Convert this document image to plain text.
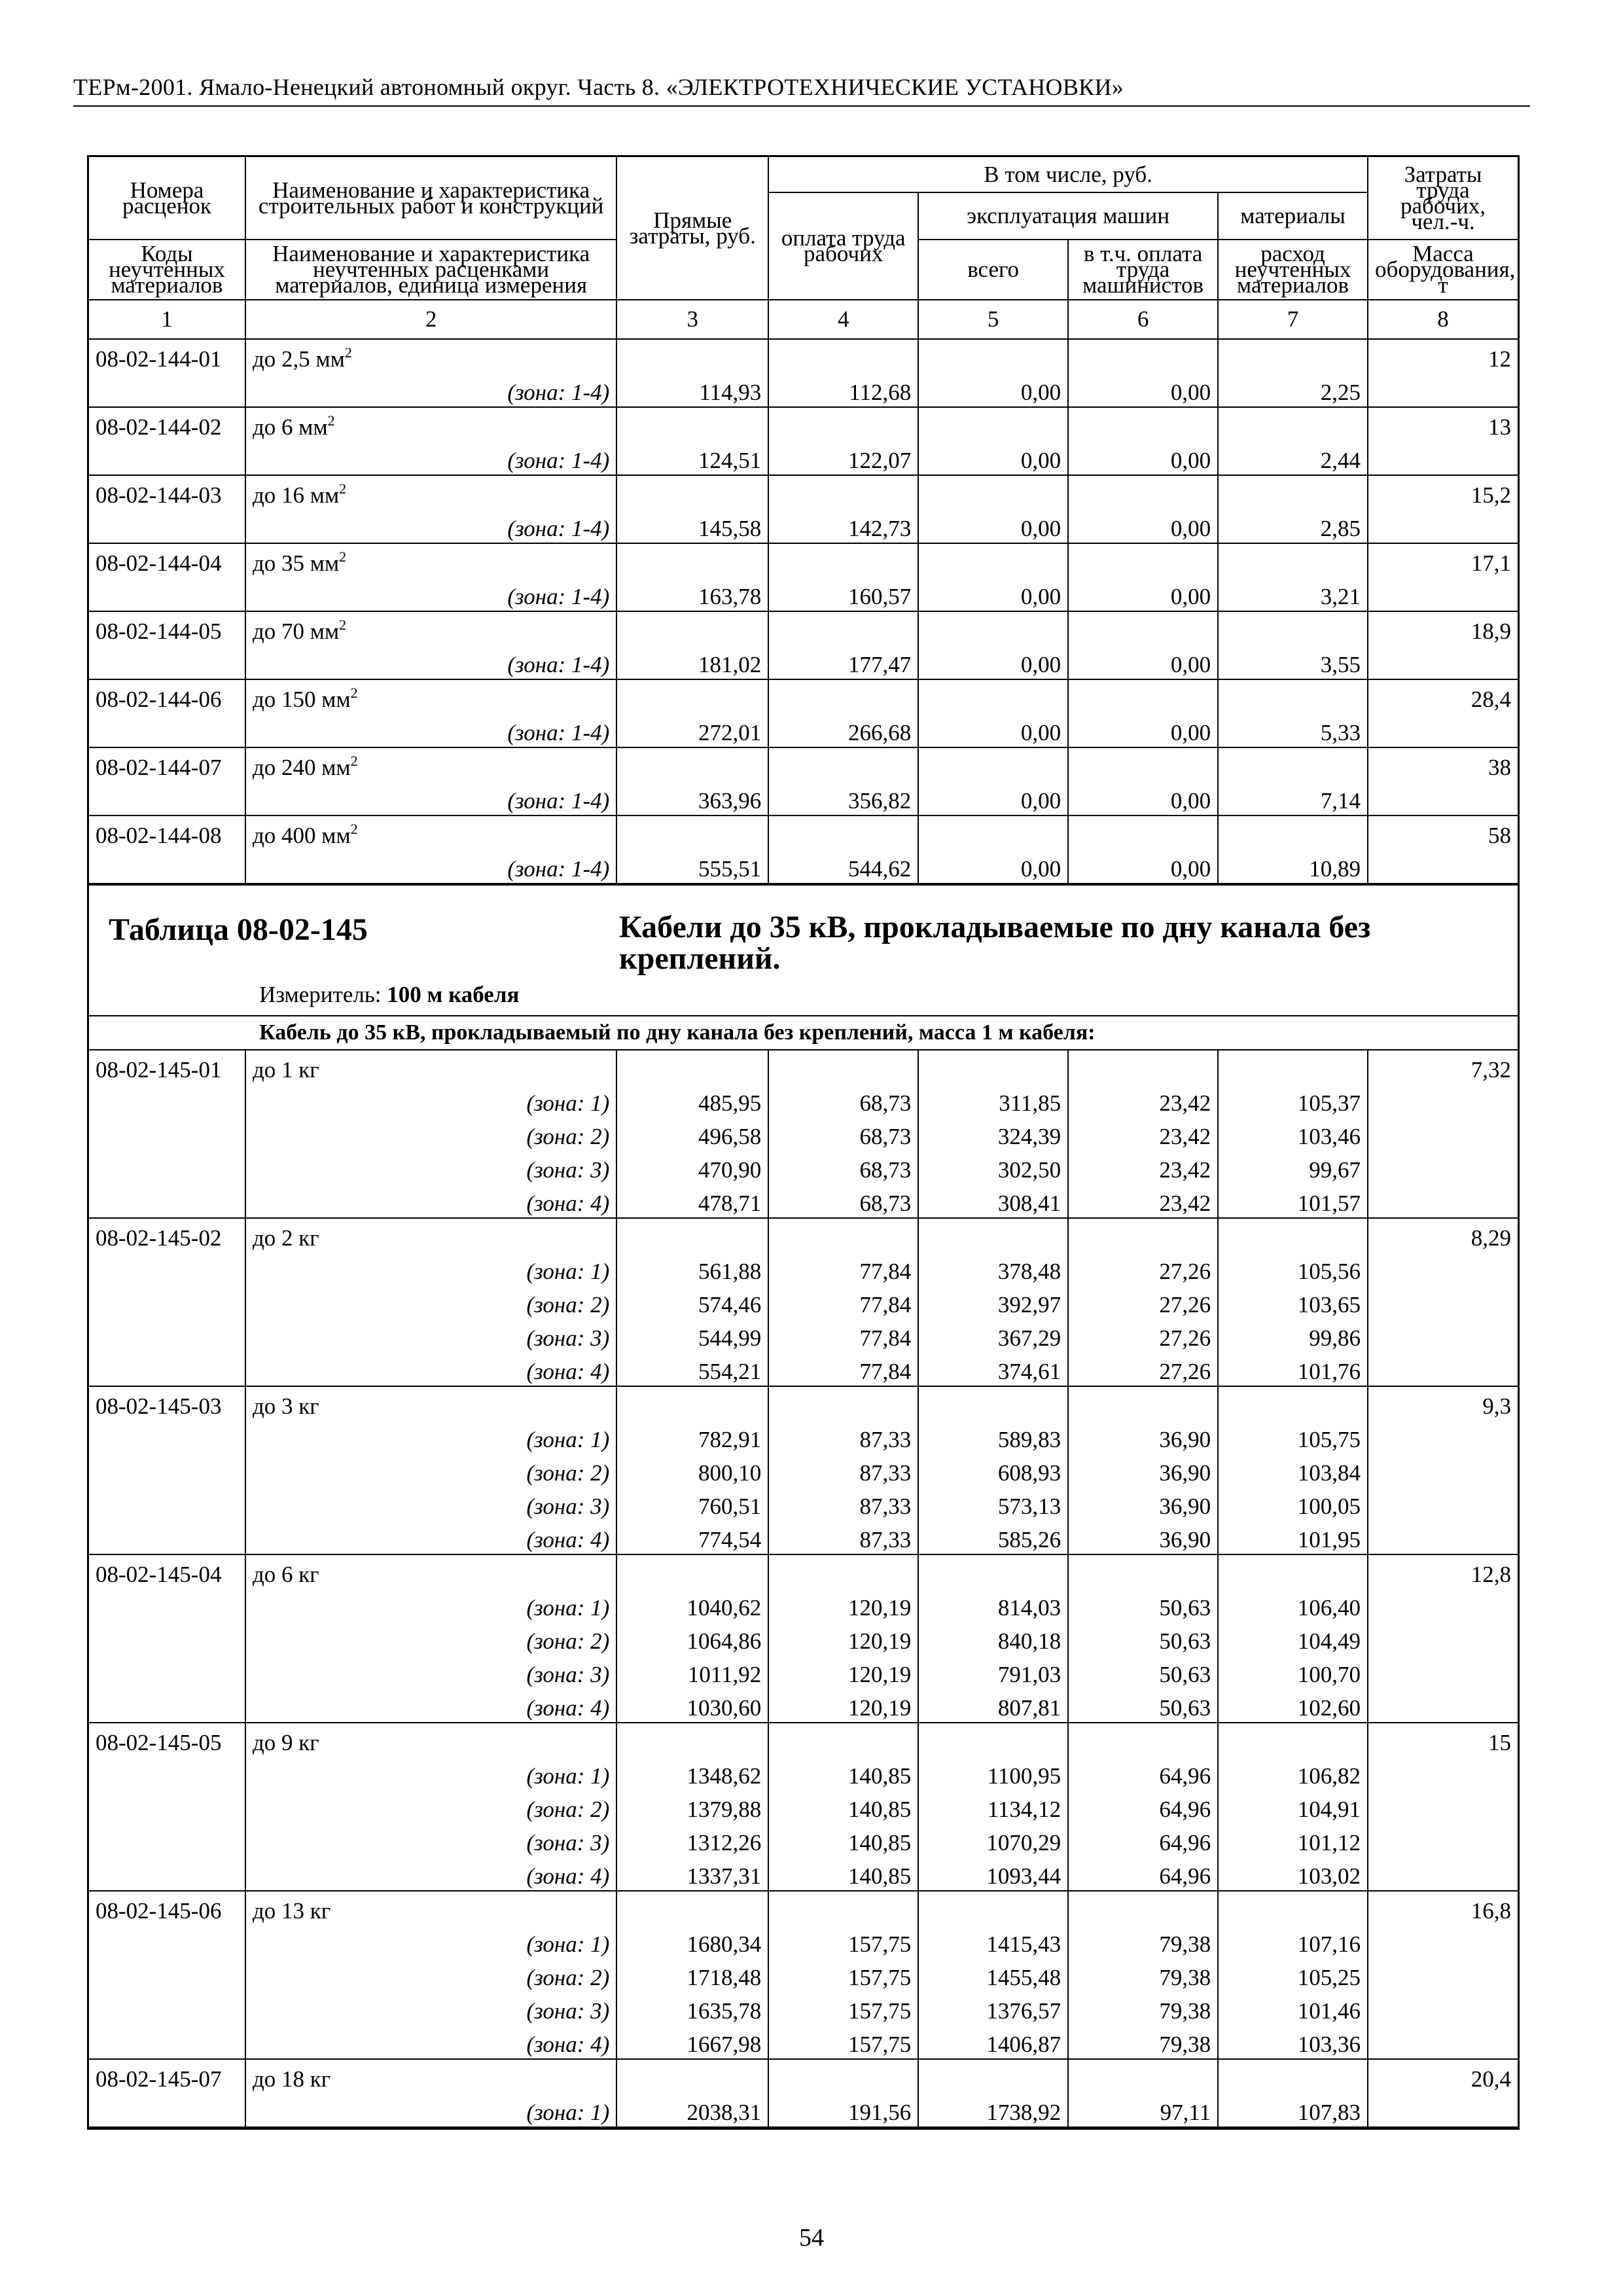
ТЕРм-2001. Ямало-Ненецкий автономный округ. Часть 8. «ЭЛЕКТРОТЕХНИЧЕСКИЕ УСТАНОВКИ»
Номера расценок	Наименование и характеристика строительных работ и конструкций	Прямые затраты, руб.	В том числе, руб.				Затраты труда рабочих, чел.-ч.
			оплата труда рабочих	эксплуатация машин		материалы	
Коды неучтенных материалов	Наименование и характеристика неучтенных расценками материалов, единица измерения			всего	в т.ч. оплата труда машинистов	расход неучтенных материалов	Масса оборудования, т
1	2	3	4	5	6	7	8
08-02-144-01	до 2,5 $мм^2$						12
	(зона: 1-4)	114,93	112,68	0,00	0,00	2,25	
08-02-144-02	до 6 $мм^2$						13
	(зона: 1-4)	124,51	122,07	0,00	0,00	2,44	
08-02-144-03	до 16 $мм^2$						15,2
	(зона: 1-4)	145,58	142,73	0,00	0,00	2,85	
08-02-144-04	до 35 $мм^2$						17,1
	(зона: 1-4)	163,78	160,57	0,00	0,00	3,21	
08-02-144-05	до 70 $мм^2$						18,9
	(зона: 1-4)	181,02	177,47	0,00	0,00	3,55	
08-02-144-06	до 150 $мм^2$						28,4
	(зона: 1-4)	272,01	266,68	0,00	0,00	5,33	
08-02-144-07	до 240 $мм^2$						38
	(зона: 1-4)	363,96	356,82	0,00	0,00	7,14	
08-02-144-08	до 400 $мм^2$						58
	(зона: 1-4)	555,51	544,62	0,00	0,00	10,89	
Таблица 08-02-145	Кабели до 35 кВ, прокладываемые по дну канала без креплений.
Измеритель: 100 м кабеля
Кабель до 35 кВ, прокладываемый по дну канала без креплений, масса 1 м кабеля:
08-02-145-01	до 1 кг						7,32
	(зона: 1)	485,95	68,73	311,85	23,42	105,37	
	(зона: 2)	496,58	68,73	324,39	23,42	103,46	
	(зона: 3)	470,90	68,73	302,50	23,42	99,67	
	(зона: 4)	478,71	68,73	308,41	23,42	101,57	
08-02-145-02	до 2 кг						8,29
	(зона: 1)	561,88	77,84	378,48	27,26	105,56	
	(зона: 2)	574,46	77,84	392,97	27,26	103,65	
	(зона: 3)	544,99	77,84	367,29	27,26	99,86	
	(зона: 4)	554,21	77,84	374,61	27,26	101,76	
08-02-145-03	до 3 кг						9,3
	(зона: 1)	782,91	87,33	589,83	36,90	105,75	
	(зона: 2)	800,10	87,33	608,93	36,90	103,84	
	(зона: 3)	760,51	87,33	573,13	36,90	100,05	
	(зона: 4)	774,54	87,33	585,26	36,90	101,95	
08-02-145-04	до 6 кг						12,8
	(зона: 1)	1040,62	120,19	814,03	50,63	106,40	
	(зона: 2)	1064,86	120,19	840,18	50,63	104,49	
	(зона: 3)	1011,92	120,19	791,03	50,63	100,70	
	(зона: 4)	1030,60	120,19	807,81	50,63	102,60	
08-02-145-05	до 9 кг						15
	(зона: 1)	1348,62	140,85	1100,95	64,96	106,82	
	(зона: 2)	1379,88	140,85	1134,12	64,96	104,91	
	(зона: 3)	1312,26	140,85	1070,29	64,96	101,12	
	(зона: 4)	1337,31	140,85	1093,44	64,96	103,02	
08-02-145-06	до 13 кг						16,8
	(зона: 1)	1680,34	157,75	1415,43	79,38	107,16	
	(зона: 2)	1718,48	157,75	1455,48	79,38	105,25	
	(зона: 3)	1635,78	157,75	1376,57	79,38	101,46	
	(зона: 4)	1667,98	157,75	1406,87	79,38	103,36	
08-02-145-07	до 18 кг						20,4
	(зона: 1)	2038,31	191,56	1738,92	97,11	107,83	
54
